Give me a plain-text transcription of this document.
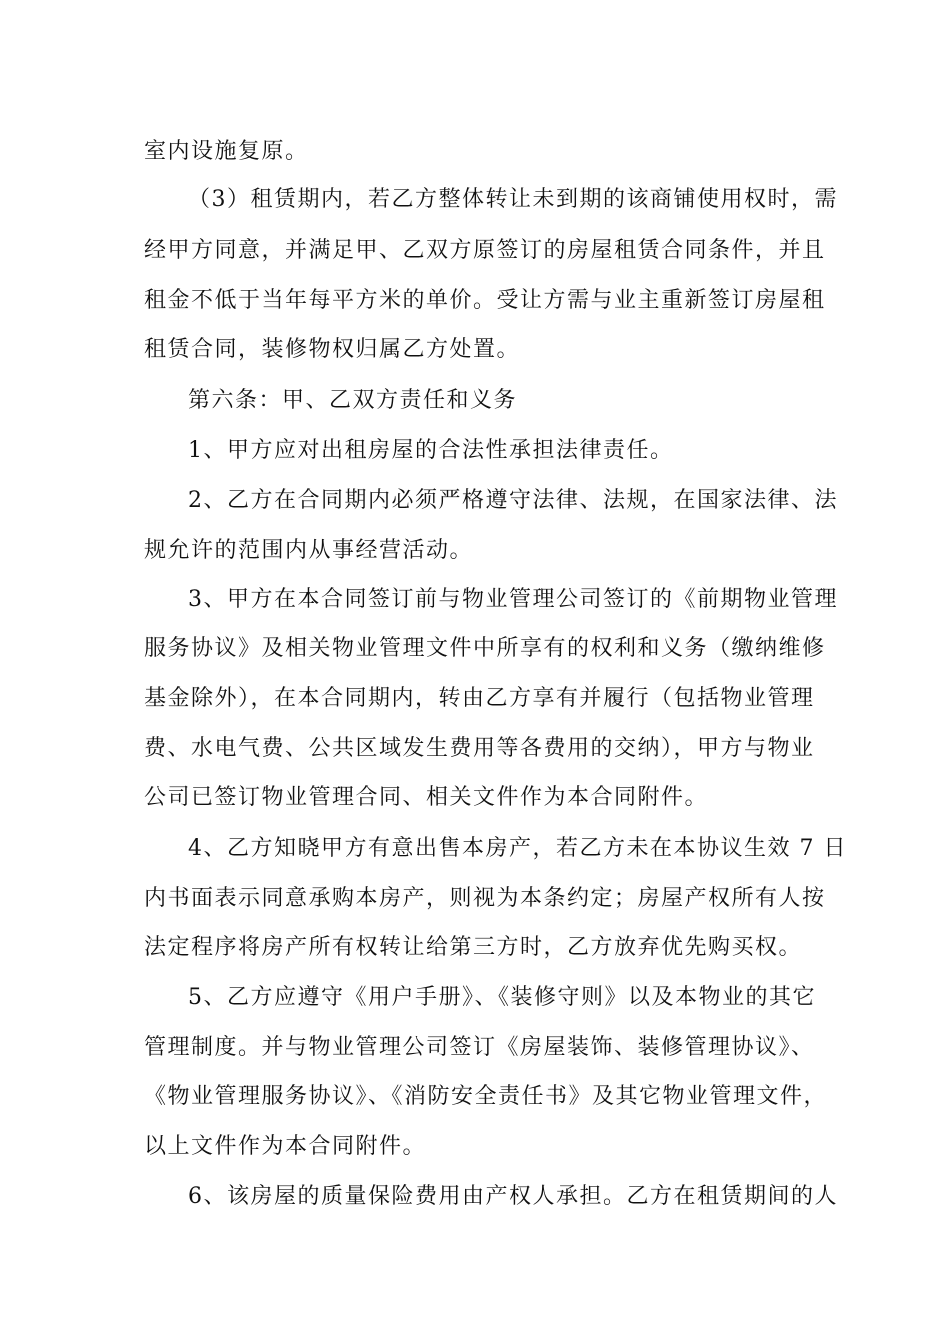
室内设施复原。
（3）租赁期内，若乙方整体转让未到期的该商铺使用权时，需
经甲方同意，并满足甲、乙双方原签订的房屋租赁合同条件，并且
租金不低于当年每平方米的单价。受让方需与业主重新签订房屋租
租赁合同，装修物权归属乙方处置。
第六条：甲、乙双方责任和义务
1、甲方应对出租房屋的合法性承担法律责任。
2、乙方在合同期内必须严格遵守法律、法规，在国家法律、法
规允许的范围内从事经营活动。
3、甲方在本合同签订前与物业管理公司签订的《前期物业管理
服务协议》及相关物业管理文件中所享有的权利和义务（缴纳维修
基金除外），在本合同期内，转由乙方享有并履行（包括物业管理
费、水电气费、公共区域发生费用等各费用的交纳），甲方与物业
公司已签订物业管理合同、相关文件作为本合同附件。
4、乙方知晓甲方有意出售本房产，若乙方未在本协议生效 7 日
内书面表示同意承购本房产，则视为本条约定；房屋产权所有人按
法定程序将房产所有权转让给第三方时，乙方放弃优先购买权。
5、乙方应遵守《用户手册》、《装修守则》以及本物业的其它
管理制度。并与物业管理公司签订《房屋装饰、装修管理协议》、
《物业管理服务协议》、《消防安全责任书》及其它物业管理文件，
以上文件作为本合同附件。
6、该房屋的质量保险费用由产权人承担。乙方在租赁期间的人
